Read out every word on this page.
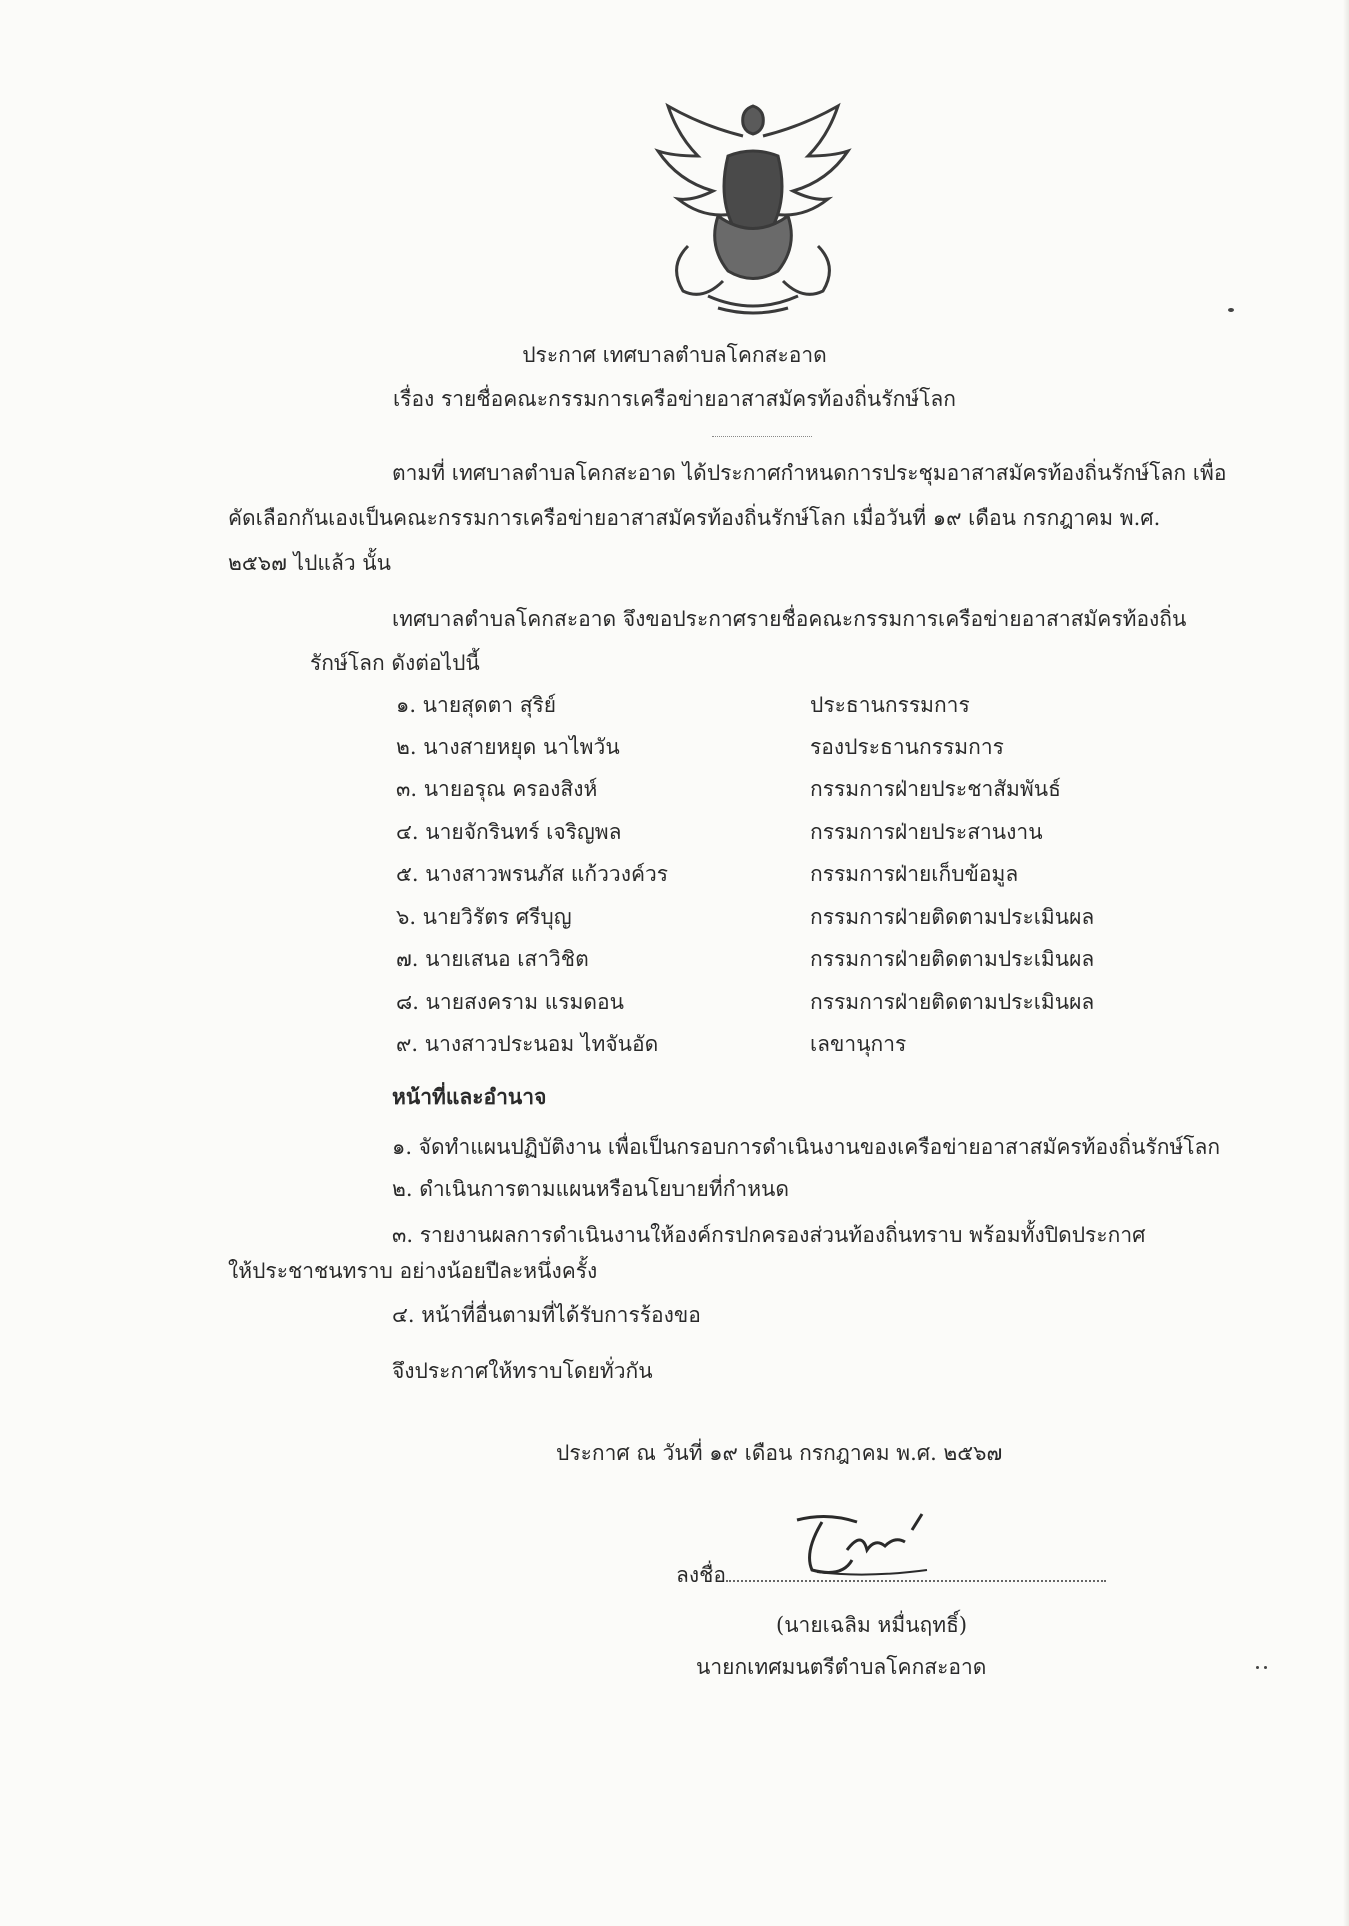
ประกาศ เทศบาลตำบลโคกสะอาด
เรื่อง รายชื่อคณะกรรมการเครือข่ายอาสาสมัครท้องถิ่นรักษ์โลก
ตามที่ เทศบาลตำบลโคกสะอาด ได้ประกาศกำหนดการประชุมอาสาสมัครท้องถิ่นรักษ์โลก เพื่อ
คัดเลือกกันเองเป็นคณะกรรมการเครือข่ายอาสาสมัครท้องถิ่นรักษ์โลก เมื่อวันที่ ๑๙ เดือน กรกฎาคม พ.ศ.
๒๕๖๗ ไปแล้ว นั้น
เทศบาลตำบลโคกสะอาด จึงขอประกาศรายชื่อคณะกรรมการเครือข่ายอาสาสมัครท้องถิ่น
รักษ์โลก ดังต่อไปนี้
๑. นายสุดตา สุริย์	ประธานกรรมการ
๒. นางสายหยุด นาไพวัน	รองประธานกรรมการ
๓. นายอรุณ ครองสิงห์	กรรมการฝ่ายประชาสัมพันธ์
๔. นายจักรินทร์ เจริญพล	กรรมการฝ่ายประสานงาน
๕. นางสาวพรนภัส แก้ววงค์วร	กรรมการฝ่ายเก็บข้อมูล
๖. นายวิรัตร ศรีบุญ	กรรมการฝ่ายติดตามประเมินผล
๗. นายเสนอ เสาวิชิต	กรรมการฝ่ายติดตามประเมินผล
๘. นายสงคราม แรมดอน	กรรมการฝ่ายติดตามประเมินผล
๙. นางสาวประนอม ไทจันอัด	เลขานุการ
หน้าที่และอำนาจ
๑. จัดทำแผนปฏิบัติงาน เพื่อเป็นกรอบการดำเนินงานของเครือข่ายอาสาสมัครท้องถิ่นรักษ์โลก
๒. ดำเนินการตามแผนหรือนโยบายที่กำหนด
๓. รายงานผลการดำเนินงานให้องค์กรปกครองส่วนท้องถิ่นทราบ พร้อมทั้งปิดประกาศ
ให้ประชาชนทราบ อย่างน้อยปีละหนึ่งครั้ง
๔. หน้าที่อื่นตามที่ได้รับการร้องขอ
จึงประกาศให้ทราบโดยทั่วกัน
ประกาศ ณ วันที่ ๑๙ เดือน กรกฎาคม พ.ศ. ๒๕๖๗
ลงชื่อ
(นายเฉลิม หมื่นฤทธิ์)
นายกเทศมนตรีตำบลโคกสะอาด
